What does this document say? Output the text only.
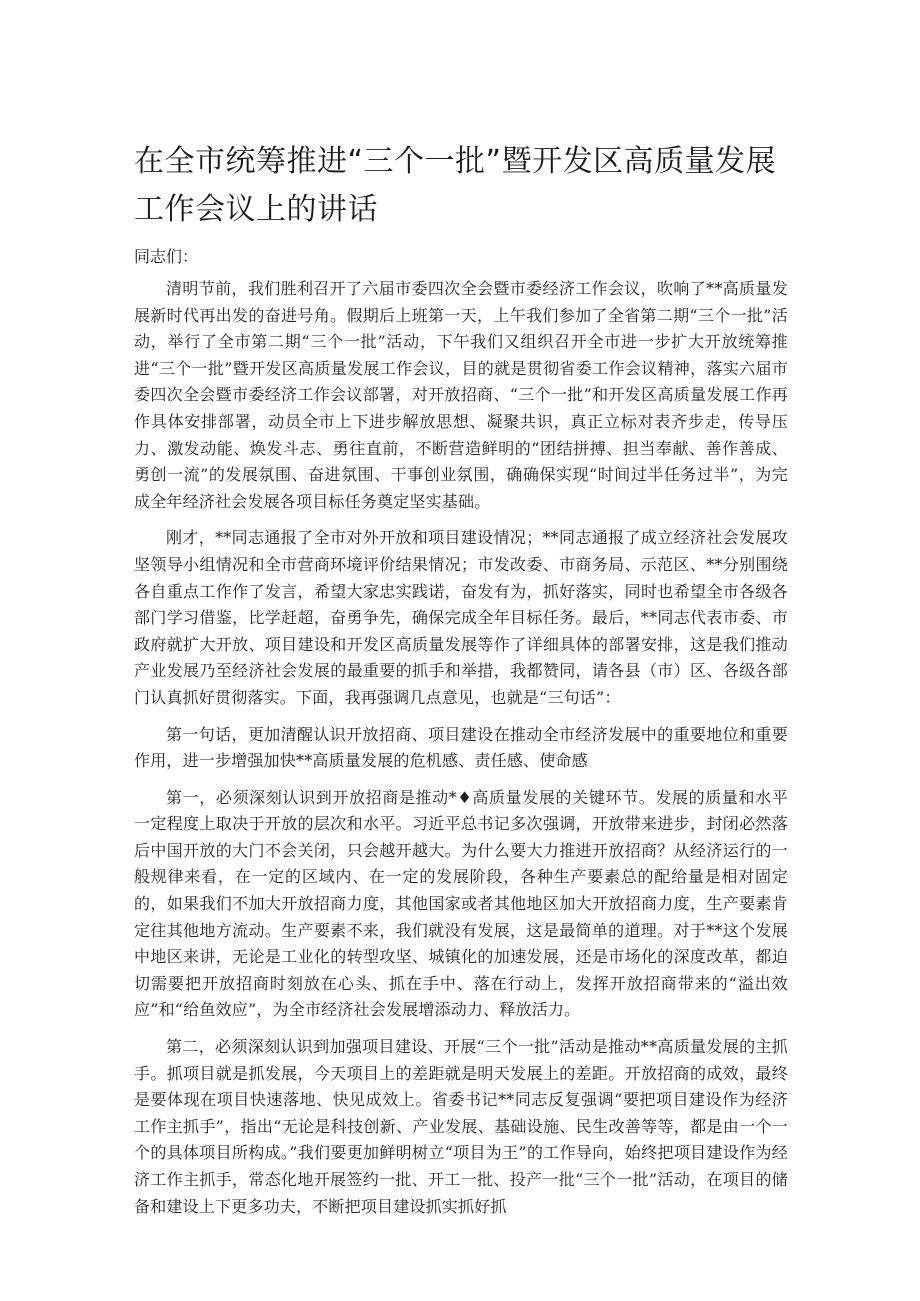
在全市统筹推进“三个一批”暨开发区高质量发展工作会议上的讲话

同志们：

清明节前，我们胜利召开了六届市委四次全会暨市委经济工作会议，吹响了**高质量发展新时代再出发的奋进号角。假期后上班第一天，上午我们参加了全省第二期“三个一批”活动，举行了全市第二期“三个一批”活动，下午我们又组织召开全市进一步扩大开放统筹推进“三个一批”暨开发区高质量发展工作会议，目的就是贯彻省委工作会议精神，落实六届市委四次全会暨市委经济工作会议部署，对开放招商、“三个一批”和开发区高质量发展工作再作具体安排部署，动员全市上下进步解放思想、凝聚共识，真正立标对表齐步走，传导压力、激发动能、焕发斗志、勇往直前，不断营造鲜明的“团结拼搏、担当奉献、善作善成、勇创一流”的发展氛围、奋进氛围、干事创业氛围，确确保实现“时间过半任务过半”，为完成全年经济社会发展各项目标任务奠定坚实基础。

刚才，**同志通报了全市对外开放和项目建设情况；**同志通报了成立经济社会发展攻坚领导小组情况和全市营商环境评价结果情况；市发改委、市商务局、示范区、**分别围绕各自重点工作作了发言，希望大家忠实践诺，奋发有为，抓好落实，同时也希望全市各级各部门学习借鉴，比学赶超，奋勇争先，确保完成全年目标任务。最后，**同志代表市委、市政府就扩大开放、项目建设和开发区高质量发展等作了详细具体的部署安排，这是我们推动产业发展乃至经济社会发展的最重要的抓手和举措，我都赞同，请各县（市）区、各级各部门认真抓好贯彻落实。下面，我再强调几点意见，也就是“三句话”：

第一句话，更加清醒认识开放招商、项目建设在推动全市经济发展中的重要地位和重要作用，进一步增强加快**高质量发展的危机感、责任感、使命感

第一，必须深刻认识到开放招商是推动*♦高质量发展的关键环节。发展的质量和水平一定程度上取决于开放的层次和水平。习近平总书记多次强调，开放带来进步，封闭必然落后中国开放的大门不会关闭，只会越开越大。为什么要大力推进开放招商？从经济运行的一般规律来看，在一定的区域内、在一定的发展阶段，各种生产要素总的配给量是相对固定的，如果我们不加大开放招商力度，其他国家或者其他地区加大开放招商力度，生产要素肯定往其他地方流动。生产要素不来，我们就没有发展，这是最简单的道理。对于**这个发展中地区来讲，无论是工业化的转型攻坚、城镇化的加速发展，还是市场化的深度改革，都迫切需要把开放招商时刻放在心头、抓在手中、落在行动上，发挥开放招商带来的“溢出效应”和“给鱼效应”，为全市经济社会发展增添动力、释放活力。

第二，必须深刻认识到加强项目建设、开展“三个一批”活动是推动**高质量发展的主抓手。抓项目就是抓发展，今天项目上的差距就是明天发展上的差距。开放招商的成效，最终是要体现在项目快速落地、快见成效上。省委书记**同志反复强调“要把项目建设作为经济工作主抓手”，指出“无论是科技创新、产业发展、基础设施、民生改善等等，都是由一个一个的具体项目所构成。”我们要更加鲜明树立“项目为王”的工作导向，始终把项目建设作为经济工作主抓手，常态化地开展签约一批、开工一批、投产一批“三个一批”活动，在项目的储备和建设上下更多功夫，不断把项目建设抓实抓好抓
